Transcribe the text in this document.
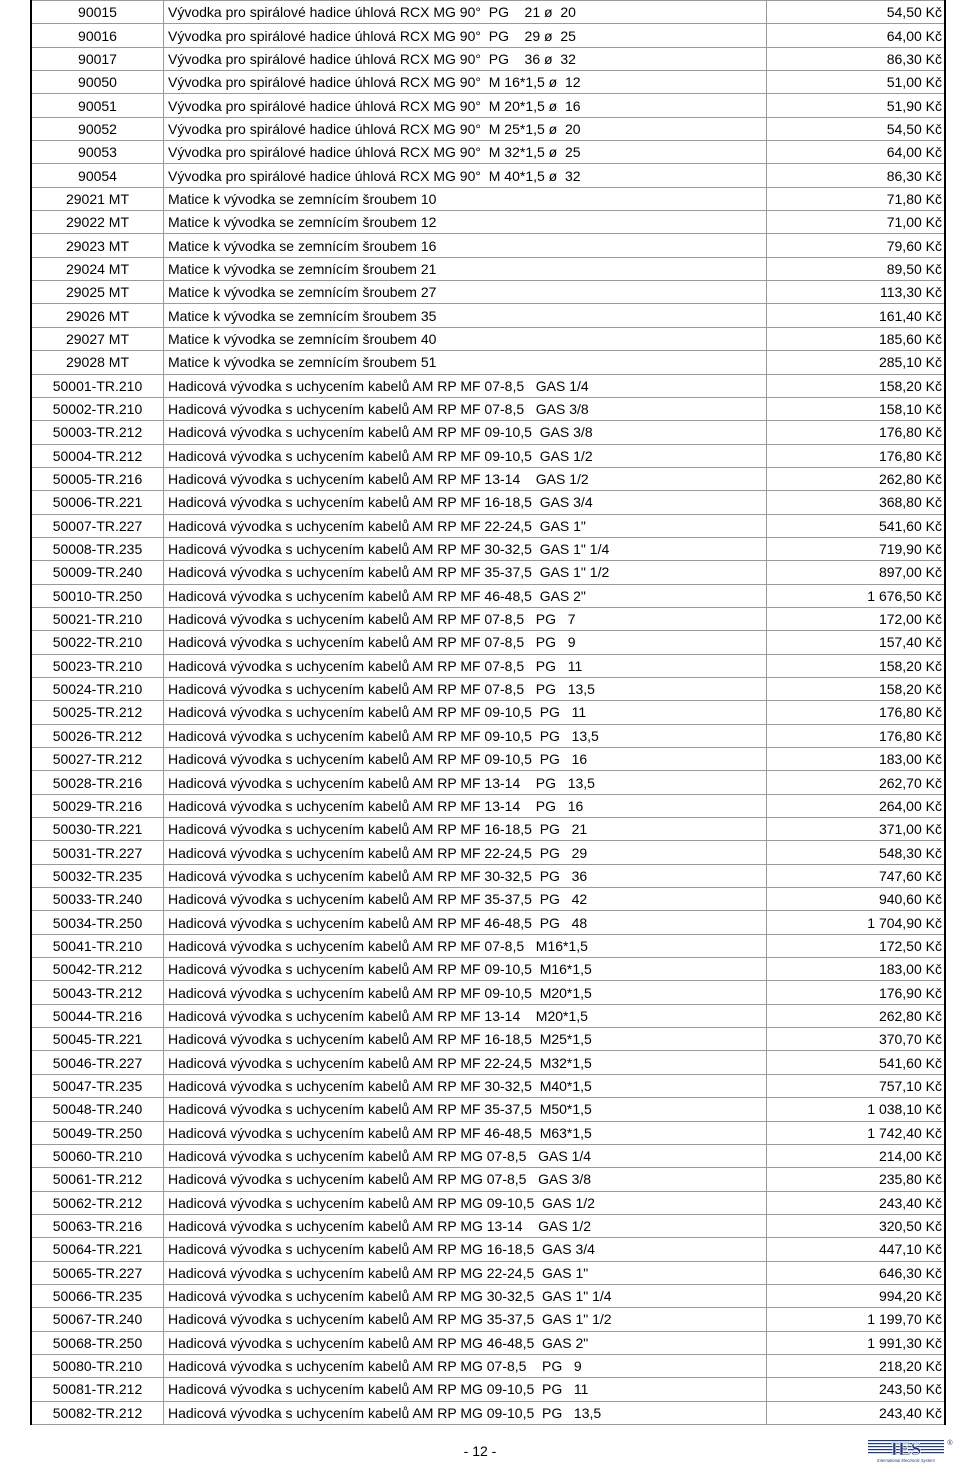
90015	Vývodka pro spirálové hadice úhlová RCX MG 90°  PG    21 ø  20	54,50 Kč
90016	Vývodka pro spirálové hadice úhlová RCX MG 90°  PG    29 ø  25	64,00 Kč
90017	Vývodka pro spirálové hadice úhlová RCX MG 90°  PG    36 ø  32	86,30 Kč
90050	Vývodka pro spirálové hadice úhlová RCX MG 90°  M 16*1,5 ø  12	51,00 Kč
90051	Vývodka pro spirálové hadice úhlová RCX MG 90°  M 20*1,5 ø  16	51,90 Kč
90052	Vývodka pro spirálové hadice úhlová RCX MG 90°  M 25*1,5 ø  20	54,50 Kč
90053	Vývodka pro spirálové hadice úhlová RCX MG 90°  M 32*1,5 ø  25	64,00 Kč
90054	Vývodka pro spirálové hadice úhlová RCX MG 90°  M 40*1,5 ø  32	86,30 Kč
29021 MT	Matice k vývodka se zemnícím šroubem 10	71,80 Kč
29022 MT	Matice k vývodka se zemnícím šroubem 12	71,00 Kč
29023 MT	Matice k vývodka se zemnícím šroubem 16	79,60 Kč
29024 MT	Matice k vývodka se zemnícím šroubem 21	89,50 Kč
29025 MT	Matice k vývodka se zemnícím šroubem 27	113,30 Kč
29026 MT	Matice k vývodka se zemnícím šroubem 35	161,40 Kč
29027 MT	Matice k vývodka se zemnícím šroubem 40	185,60 Kč
29028 MT	Matice k vývodka se zemnícím šroubem 51	285,10 Kč
50001-TR.210	Hadicová vývodka s uchycením kabelů AM RP MF 07-8,5   GAS 1/4	158,20 Kč
50002-TR.210	Hadicová vývodka s uchycením kabelů AM RP MF 07-8,5   GAS 3/8	158,10 Kč
50003-TR.212	Hadicová vývodka s uchycením kabelů AM RP MF 09-10,5  GAS 3/8	176,80 Kč
50004-TR.212	Hadicová vývodka s uchycením kabelů AM RP MF 09-10,5  GAS 1/2	176,80 Kč
50005-TR.216	Hadicová vývodka s uchycením kabelů AM RP MF 13-14    GAS 1/2	262,80 Kč
50006-TR.221	Hadicová vývodka s uchycením kabelů AM RP MF 16-18,5  GAS 3/4	368,80 Kč
50007-TR.227	Hadicová vývodka s uchycením kabelů AM RP MF 22-24,5  GAS 1"	541,60 Kč
50008-TR.235	Hadicová vývodka s uchycením kabelů AM RP MF 30-32,5  GAS 1" 1/4	719,90 Kč
50009-TR.240	Hadicová vývodka s uchycením kabelů AM RP MF 35-37,5  GAS 1" 1/2	897,00 Kč
50010-TR.250	Hadicová vývodka s uchycením kabelů AM RP MF 46-48,5  GAS 2"	1 676,50 Kč
50021-TR.210	Hadicová vývodka s uchycením kabelů AM RP MF 07-8,5   PG   7	172,00 Kč
50022-TR.210	Hadicová vývodka s uchycením kabelů AM RP MF 07-8,5   PG   9	157,40 Kč
50023-TR.210	Hadicová vývodka s uchycením kabelů AM RP MF 07-8,5   PG   11	158,20 Kč
50024-TR.210	Hadicová vývodka s uchycením kabelů AM RP MF 07-8,5   PG   13,5	158,20 Kč
50025-TR.212	Hadicová vývodka s uchycením kabelů AM RP MF 09-10,5  PG   11	176,80 Kč
50026-TR.212	Hadicová vývodka s uchycením kabelů AM RP MF 09-10,5  PG   13,5	176,80 Kč
50027-TR.212	Hadicová vývodka s uchycením kabelů AM RP MF 09-10,5  PG   16	183,00 Kč
50028-TR.216	Hadicová vývodka s uchycením kabelů AM RP MF 13-14    PG   13,5	262,70 Kč
50029-TR.216	Hadicová vývodka s uchycením kabelů AM RP MF 13-14    PG   16	264,00 Kč
50030-TR.221	Hadicová vývodka s uchycením kabelů AM RP MF 16-18,5  PG   21	371,00 Kč
50031-TR.227	Hadicová vývodka s uchycením kabelů AM RP MF 22-24,5  PG   29	548,30 Kč
50032-TR.235	Hadicová vývodka s uchycením kabelů AM RP MF 30-32,5  PG   36	747,60 Kč
50033-TR.240	Hadicová vývodka s uchycením kabelů AM RP MF 35-37,5  PG   42	940,60 Kč
50034-TR.250	Hadicová vývodka s uchycením kabelů AM RP MF 46-48,5  PG   48	1 704,90 Kč
50041-TR.210	Hadicová vývodka s uchycením kabelů AM RP MF 07-8,5   M16*1,5	172,50 Kč
50042-TR.212	Hadicová vývodka s uchycením kabelů AM RP MF 09-10,5  M16*1,5	183,00 Kč
50043-TR.212	Hadicová vývodka s uchycením kabelů AM RP MF 09-10,5  M20*1,5	176,90 Kč
50044-TR.216	Hadicová vývodka s uchycením kabelů AM RP MF 13-14    M20*1,5	262,80 Kč
50045-TR.221	Hadicová vývodka s uchycením kabelů AM RP MF 16-18,5  M25*1,5	370,70 Kč
50046-TR.227	Hadicová vývodka s uchycením kabelů AM RP MF 22-24,5  M32*1,5	541,60 Kč
50047-TR.235	Hadicová vývodka s uchycením kabelů AM RP MF 30-32,5  M40*1,5	757,10 Kč
50048-TR.240	Hadicová vývodka s uchycením kabelů AM RP MF 35-37,5  M50*1,5	1 038,10 Kč
50049-TR.250	Hadicová vývodka s uchycením kabelů AM RP MF 46-48,5  M63*1,5	1 742,40 Kč
50060-TR.210	Hadicová vývodka s uchycením kabelů AM RP MG 07-8,5   GAS 1/4	214,00 Kč
50061-TR.212	Hadicová vývodka s uchycením kabelů AM RP MG 07-8,5   GAS 3/8	235,80 Kč
50062-TR.212	Hadicová vývodka s uchycením kabelů AM RP MG 09-10,5  GAS 1/2	243,40 Kč
50063-TR.216	Hadicová vývodka s uchycením kabelů AM RP MG 13-14    GAS 1/2	320,50 Kč
50064-TR.221	Hadicová vývodka s uchycením kabelů AM RP MG 16-18,5  GAS 3/4	447,10 Kč
50065-TR.227	Hadicová vývodka s uchycením kabelů AM RP MG 22-24,5  GAS 1"	646,30 Kč
50066-TR.235	Hadicová vývodka s uchycením kabelů AM RP MG 30-32,5  GAS 1" 1/4	994,20 Kč
50067-TR.240	Hadicová vývodka s uchycením kabelů AM RP MG 35-37,5  GAS 1" 1/2	1 199,70 Kč
50068-TR.250	Hadicová vývodka s uchycením kabelů AM RP MG 46-48,5  GAS 2"	1 991,30 Kč
50080-TR.210	Hadicová vývodka s uchycením kabelů AM RP MG 07-8,5    PG   9	218,20 Kč
50081-TR.212	Hadicová vývodka s uchycením kabelů AM RP MG 09-10,5  PG   11	243,50 Kč
50082-TR.212	Hadicová vývodka s uchycením kabelů AM RP MG 09-10,5  PG   13,5	243,40 Kč
- 12 -	IES	®
International Electronic System
